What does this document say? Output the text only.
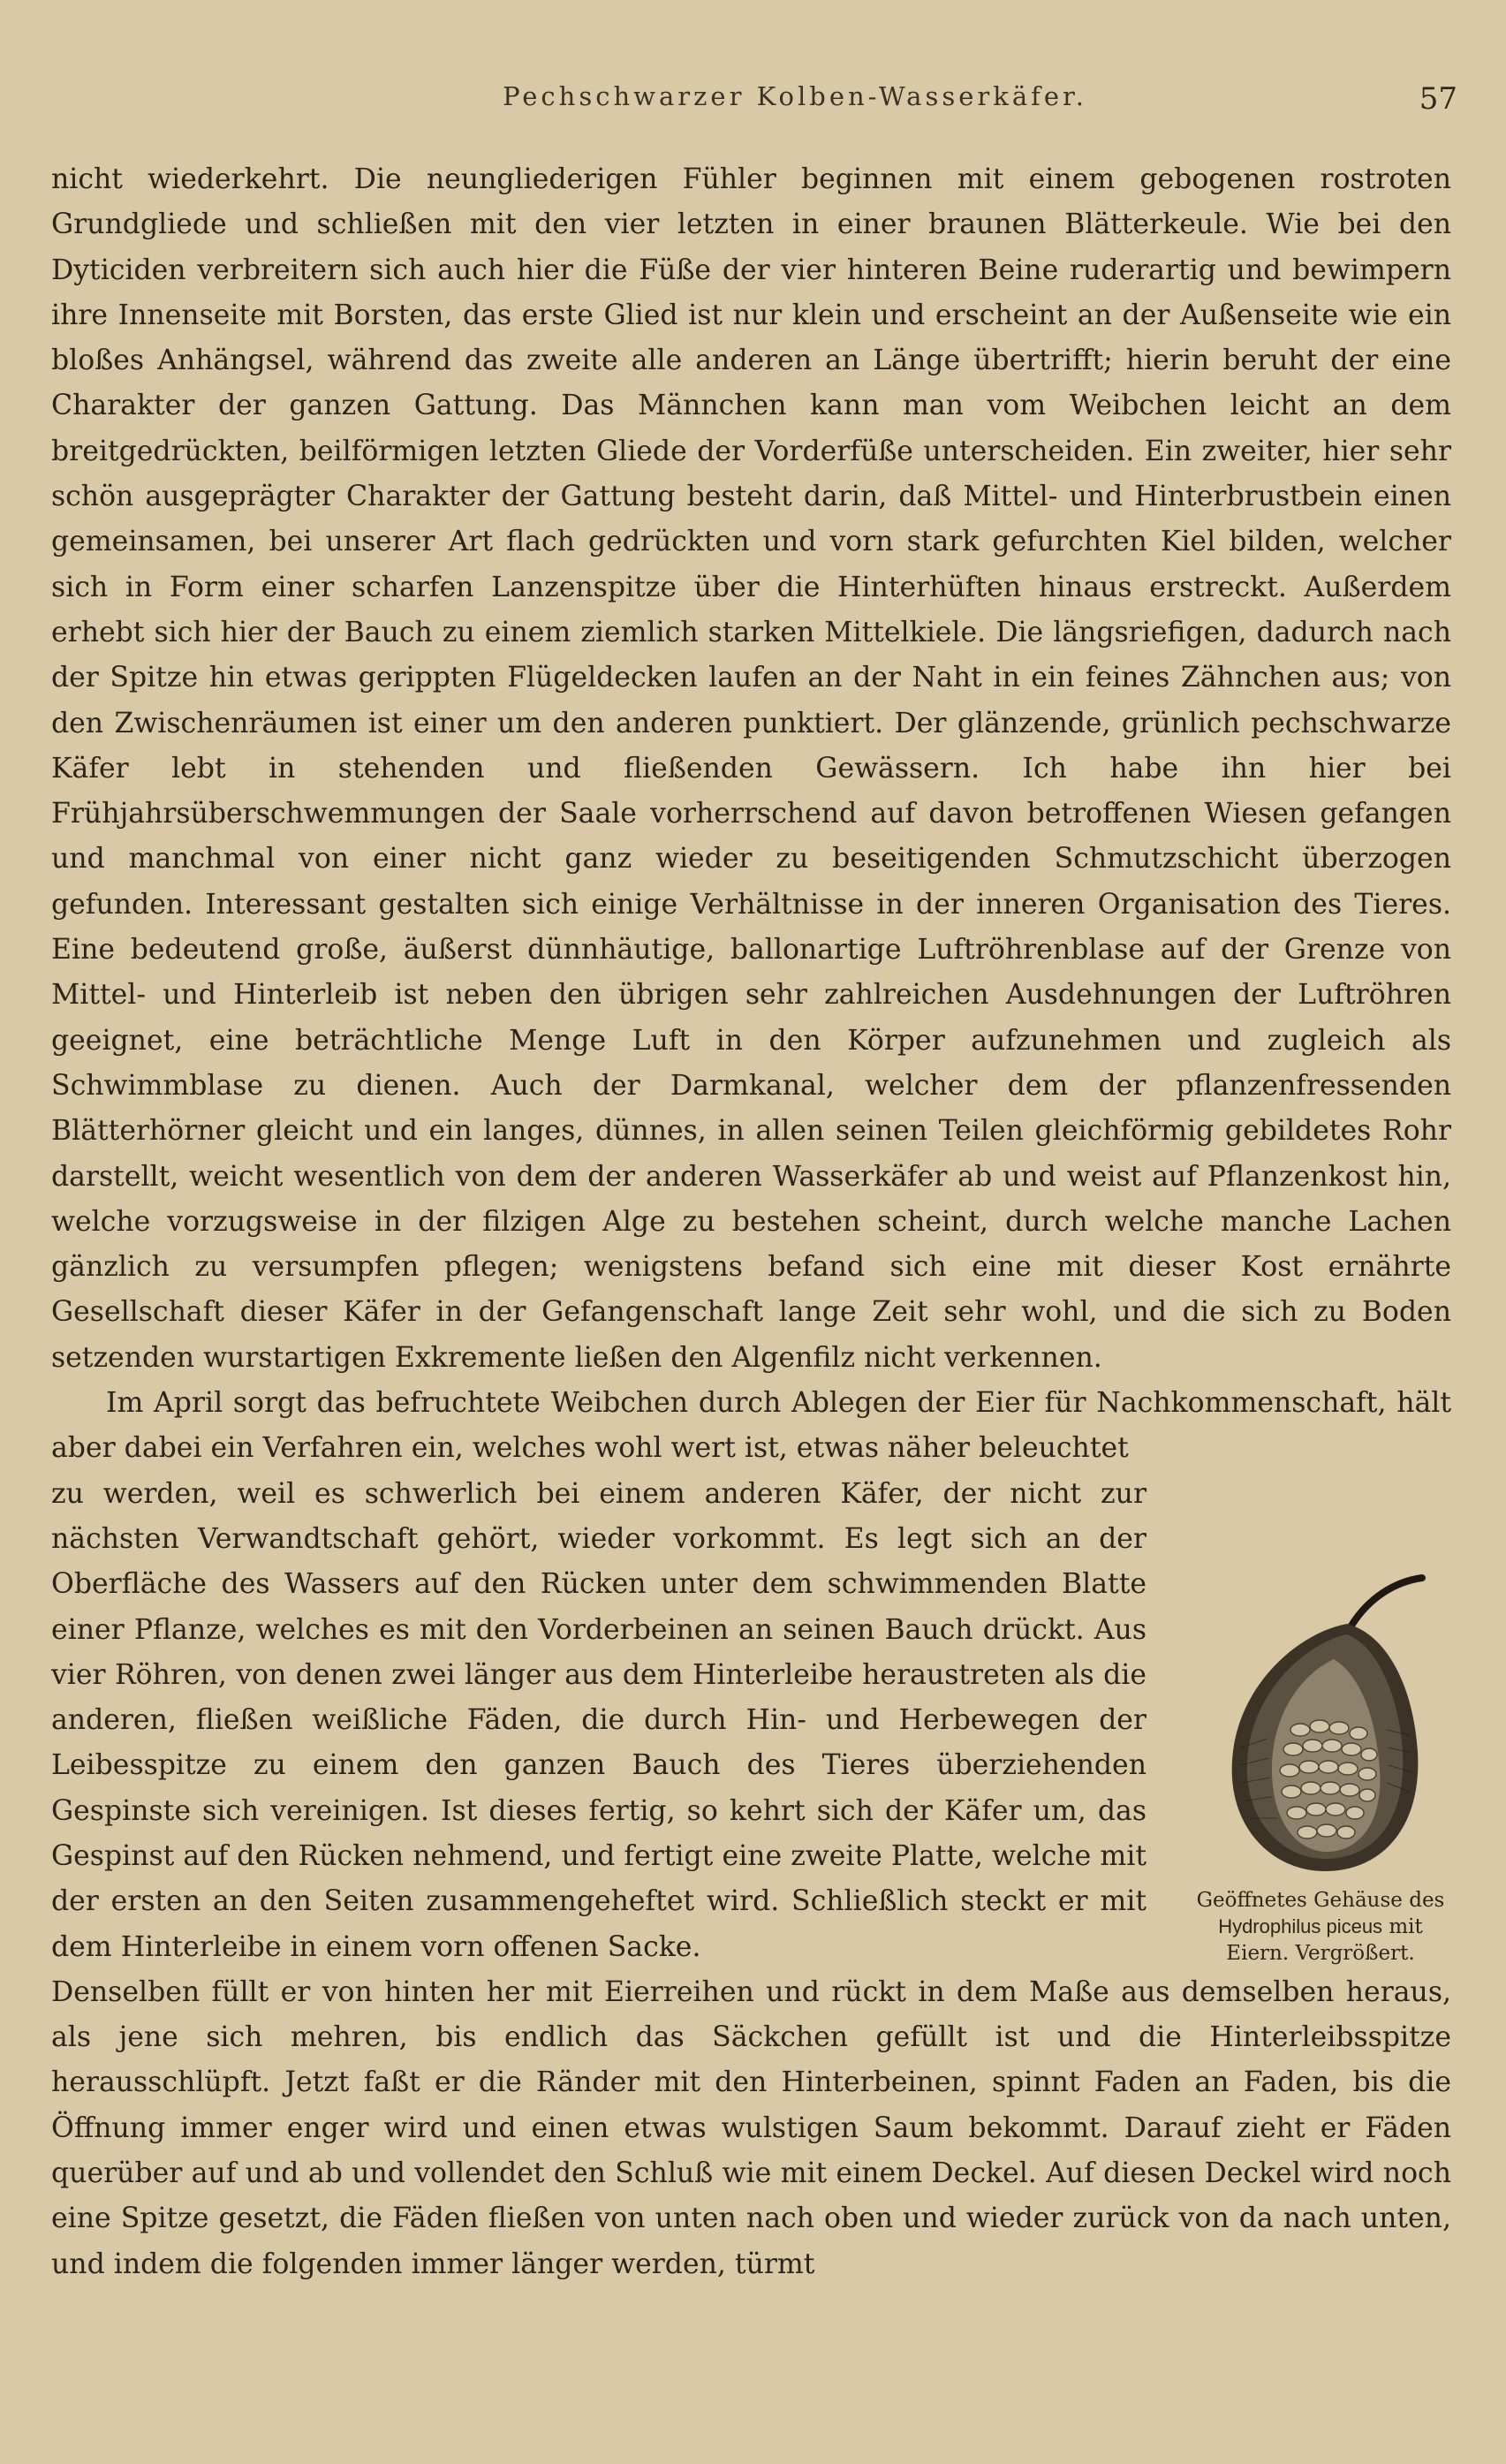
Pechschwarzer Kolben-Wasserkäfer.	57

nicht wiederkehrt. Die neungliederigen Fühler beginnen mit einem gebogenen rostroten Grundgliede und schließen mit den vier letzten in einer braunen Blätterkeule. Wie bei den Dyticiden verbreitern sich auch hier die Füße der vier hinteren Beine ruderartig und bewimpern ihre Innenseite mit Borsten, das erste Glied ist nur klein und erscheint an der Außenseite wie ein bloßes Anhängsel, während das zweite alle anderen an Länge übertrifft; hierin beruht der eine Charakter der ganzen Gattung. Das Männchen kann man vom Weibchen leicht an dem breitgedrückten, beilförmigen letzten Gliede der Vorderfüße unterscheiden. Ein zweiter, hier sehr schön ausgeprägter Charakter der Gattung besteht darin, daß Mittel- und Hinterbrustbein einen gemeinsamen, bei unserer Art flach gedrückten und vorn stark gefurchten Kiel bilden, welcher sich in Form einer scharfen Lanzenspitze über die Hinterhüften hinaus erstreckt. Außerdem erhebt sich hier der Bauch zu einem ziemlich starken Mittelkiele. Die längsriefigen, dadurch nach der Spitze hin etwas gerippten Flügeldecken laufen an der Naht in ein feines Zähnchen aus; von den Zwischenräumen ist einer um den anderen punktiert. Der glänzende, grünlich pechschwarze Käfer lebt in stehenden und fließenden Gewässern. Ich habe ihn hier bei Frühjahrsüberschwemmungen der Saale vorherrschend auf davon betroffenen Wiesen gefangen und manchmal von einer nicht ganz wieder zu beseitigenden Schmutzschicht überzogen gefunden. Interessant gestalten sich einige Verhältnisse in der inneren Organisation des Tieres. Eine bedeutend große, äußerst dünnhäutige, ballonartige Luftröhrenblase auf der Grenze von Mittel- und Hinterleib ist neben den übrigen sehr zahlreichen Ausdehnungen der Luftröhren geeignet, eine beträchtliche Menge Luft in den Körper aufzunehmen und zugleich als Schwimmblase zu dienen. Auch der Darmkanal, welcher dem der pflanzenfressenden Blätterhörner gleicht und ein langes, dünnes, in allen seinen Teilen gleichförmig gebildetes Rohr darstellt, weicht wesentlich von dem der anderen Wasserkäfer ab und weist auf Pflanzenkost hin, welche vorzugsweise in der filzigen Alge zu bestehen scheint, durch welche manche Lachen gänzlich zu versumpfen pflegen; wenigstens befand sich eine mit dieser Kost ernährte Gesellschaft dieser Käfer in der Gefangenschaft lange Zeit sehr wohl, und die sich zu Boden setzenden wurstartigen Exkremente ließen den Algenfilz nicht verkennen.

Im April sorgt das befruchtete Weibchen durch Ablegen der Eier für Nachkommenschaft, hält aber dabei ein Verfahren ein, welches wohl wert ist, etwas näher beleuchtet

zu werden, weil es schwerlich bei einem anderen Käfer, der nicht zur nächsten Verwandtschaft gehört, wieder vorkommt. Es legt sich an der Oberfläche des Wassers auf den Rücken unter dem schwimmenden Blatte einer Pflanze, welches es mit den Vorderbeinen an seinen Bauch drückt. Aus vier Röhren, von denen zwei länger aus dem Hinterleibe heraustreten als die anderen, fließen weißliche Fäden, die durch Hin- und Herbewegen der Leibesspitze zu einem den ganzen Bauch des Tieres überziehenden Gespinste sich vereinigen. Ist dieses fertig, so kehrt sich der Käfer um, das Gespinst auf den Rücken nehmend, und fertigt eine zweite Platte, welche mit der ersten an den Seiten zusammengeheftet wird. Schließlich steckt er mit dem Hinterleibe in einem vorn offenen Sacke.

Denselben füllt er von hinten her mit Eierreihen und rückt in dem Maße aus demselben heraus, als jene sich mehren, bis endlich das Säckchen gefüllt ist und die Hinterleibsspitze herausschlüpft. Jetzt faßt er die Ränder mit den Hinterbeinen, spinnt Faden an Faden, bis die Öffnung immer enger wird und einen etwas wulstigen Saum bekommt. Darauf zieht er Fäden querüber auf und ab und vollendet den Schluß wie mit einem Deckel. Auf diesen Deckel wird noch eine Spitze gesetzt, die Fäden fließen von unten nach oben und wieder zurück von da nach unten, und indem die folgenden immer länger werden, türmt

Geöffnetes Gehäuse des
Hydrophilus piceus mit
Eiern. Vergrößert.
